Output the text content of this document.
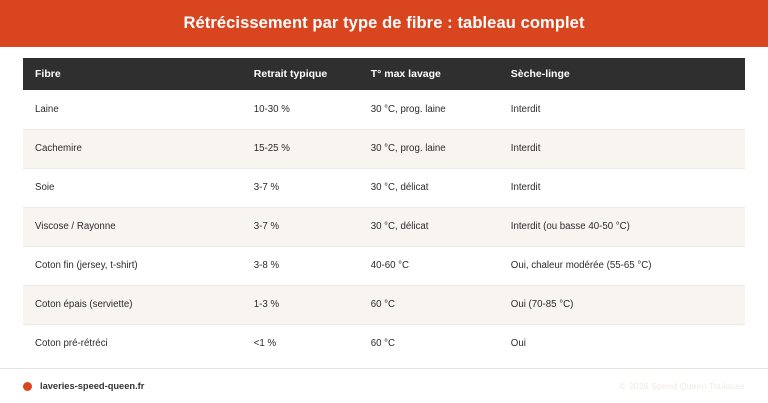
Rétrécissement par type de fibre : tableau complet
Fibre	Retrait typique	T° max lavage	Sèche-linge
Laine	10-30 %	30 °C, prog. laine	Interdit
Cachemire	15-25 %	30 °C, prog. laine	Interdit
Soie	3-7 %	30 °C, délicat	Interdit
Viscose / Rayonne	3-7 %	30 °C, délicat	Interdit (ou basse 40-50 °C)
Coton fin (jersey, t-shirt)	3-8 %	40-60 °C	Oui, chaleur modérée (55-65 °C)
Coton épais (serviette)	1-3 %	60 °C	Oui (70-85 °C)
Coton pré-rétréci	<1 %	60 °C	Oui
laveries-speed-queen.fr	© 2026 Speed Queen Toulouse
